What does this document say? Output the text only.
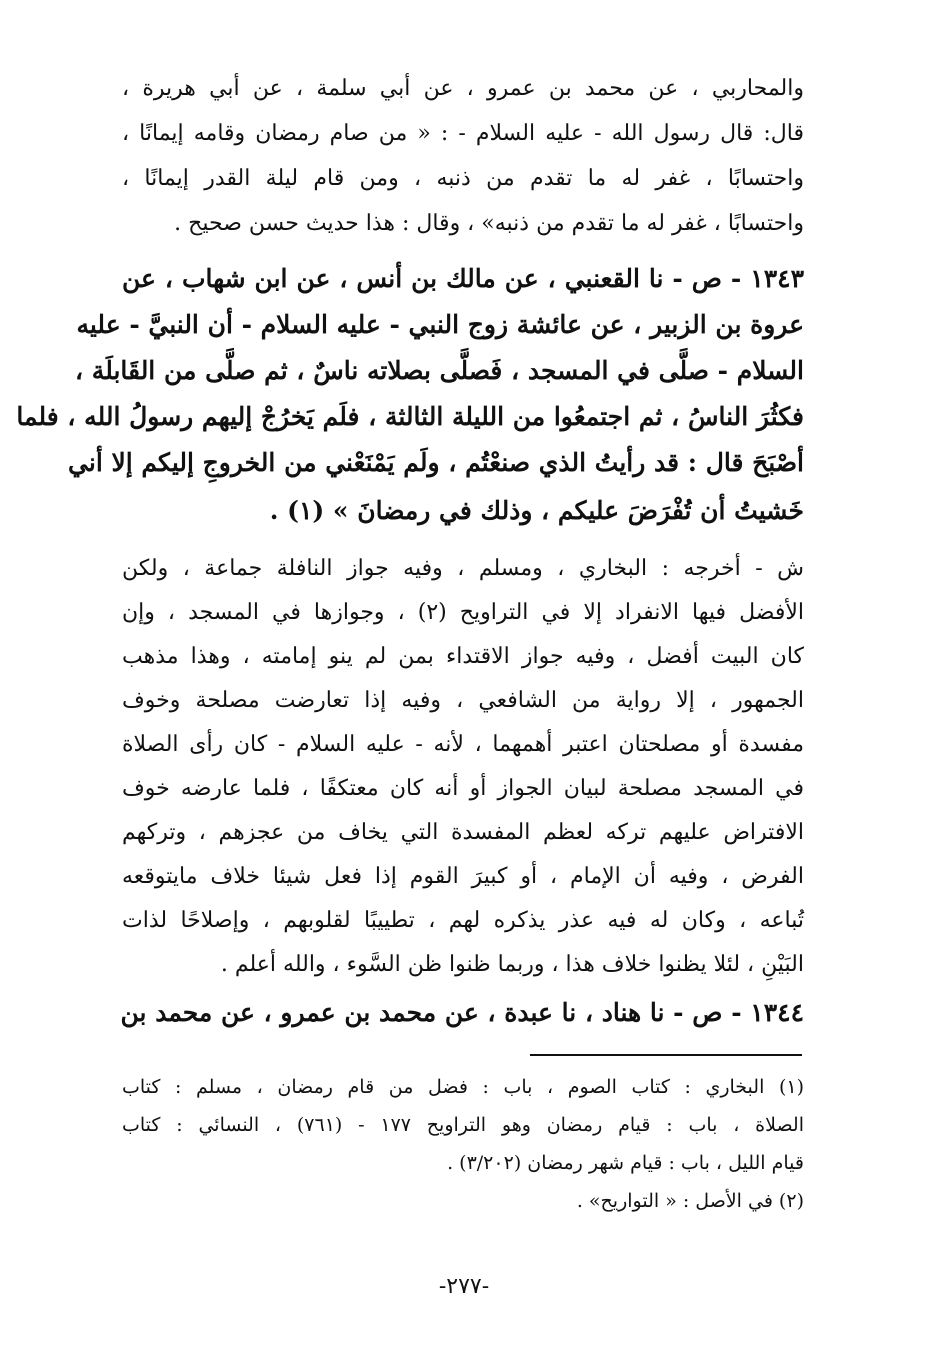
والمحاربي ، عن محمد بن عمرو ، عن أبي سلمة ، عن أبي هريرة ،
قال: قال رسول الله - عليه السلام - : « من صام رمضان وقامه إيمانًا ،
واحتسابًا ، غفر له ما تقدم من ذنبه ، ومن قام ليلة القدر إيمانًا ،
واحتسابًا ، غفر له ما تقدم من ذنبه» ، وقال : هذا حديث حسن صحيح .
١٣٤٣ - ص - نا القعنبي ، عن مالك بن أنس ، عن ابن شهاب ، عن
عروة بن الزبير ، عن عائشة زوج النبي - عليه السلام - أن النبيَّ - عليه
السلام - صلَّى في المسجد ، فَصلَّى بصلاته ناسٌ ، ثم صلَّى من القَابلَة ،
فكثُرَ الناسُ ، ثم اجتمعُوا من الليلة الثالثة ، فلَم يَخرُجْ إليهم رسولُ الله ، فلما
أصْبَحَ قال : قد رأيتُ الذي صنعْتُم ، ولَم يَمْنَعْني من الخروجِ إليكم إلا أني
خَشيتُ أن تُفْرَضَ عليكم ، وذلك في رمضانَ » (١) .
ش - أخرجه : البخاري ، ومسلم ، وفيه جواز النافلة جماعة ، ولكن
الأفضل فيها الانفراد إلا في التراويح (٢) ، وجوازها في المسجد ، وإن
كان البيت أفضل ، وفيه جواز الاقتداء بمن لم ينو إمامته ، وهذا مذهب
الجمهور ، إلا رواية من الشافعي ، وفيه إذا تعارضت مصلحة وخوف
مفسدة أو مصلحتان اعتبر أهمهما ، لأنه - عليه السلام - كان رأى الصلاة
في المسجد مصلحة لبيان الجواز أو أنه كان معتكفًا ، فلما عارضه خوف
الافتراض عليهم تركه لعظم المفسدة التي يخاف من عجزهم ، وتركهم
الفرض ، وفيه أن الإمام ، أو كبيرَ القوم إذا فعل شيئا خلاف مايتوقعه
تُباعه ، وكان له فيه عذر يذكره لهم ، تطييبًا لقلوبهم ، وإصلاحًا لذات
البَيْنِ ، لئلا يظنوا خلاف هذا ، وربما ظنوا ظن السَّوء ، والله أعلم .
١٣٤٤ - ص - نا هناد ، نا عبدة ، عن محمد بن عمرو ، عن محمد بن
(١) البخاري : كتاب الصوم ، باب : فضل من قام رمضان ، مسلم : كتاب
الصلاة ، باب : قيام رمضان وهو التراويح ١٧٧ - (٧٦١) ، النسائي : كتاب
قيام الليل ، باب : قيام شهر رمضان (٣/٢٠٢) .
(٢) في الأصل : « التواريح» .
-٢٧٧-
